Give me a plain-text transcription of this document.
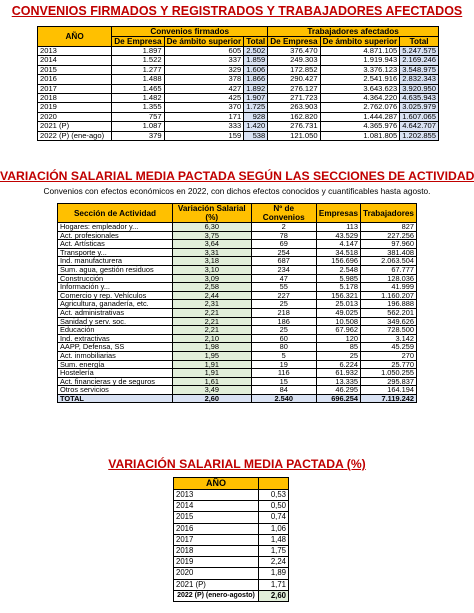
CONVENIOS FIRMADOS Y REGISTRADOS Y TRABAJADORES AFECTADOS
AÑO	Convenios firmados			Trabajadores afectados		
	De Empresa	De ámbito superior	Total	De Empresa	De ámbito superior	Total
2013	1.897	605	2.502	376.470	4.871.105	5.247.575
2014	1.522	337	1.859	249.303	1.919.943	2.169.246
2015	1.277	329	1.606	172.852	3.376.123	3.548.975
2016	1.488	378	1.866	290.427	2.541.916	2.832.343
2017	1.465	427	1.892	276.127	3.643.623	3.920.950
2018	1.482	425	1.907	271.723	4.364.220	4.635.943
2019	1.355	370	1.725	263.903	2.762.076	3.025.979
2020	757	171	928	162.820	1.444.287	1.607.065
2021 (P)	1.087	333	1.420	276.731	4.365.976	4.642.707
2022 (P) (ene-ago)	379	159	538	121.050	1.081.805	1.202.855
VARIACIÓN SALARIAL MEDIA PACTADA SEGÚN LAS SECCIONES DE ACTIVIDAD
Convenios con efectos económicos en 2022, con dichos efectos conocidos y cuantificables hasta agosto.
Sección de Actividad	Variación Salarial (%)	Nº de Convenios	Empresas	Trabajadores
Hogares: empleador y...	6,30	2	113	827
Act. profesionales	3,75	78	43.529	227.256
Act. Artísticas	3,64	69	4.147	97.960
Transporte y...	3,31	254	34.518	381.408
Ind. manufacturera	3,18	687	156.696	2.063.504
Sum. agua, gestión residuos	3,10	234	2.548	67.777
Construcción	3,09	47	5.985	128.036
Información y...	2,58	55	5.178	41.999
Comercio y rep. Vehículos	2,44	227	156.321	1.160.207
Agricultura, ganadería, etc.	2,31	25	25.013	196.888
Act. administrativas	2,21	218	49.025	562.201
Sanidad y serv. soc.	2,21	186	10.508	349.626
Educación	2,21	25	67.962	728.500
Ind. extractivas	2,10	60	120	3.142
AAPP, Defensa, SS	1,98	80	85	45.259
Act. inmobiliarias	1,95	5	25	270
Sum. energía	1,91	19	6.224	25.770
Hostelería	1,91	116	61.932	1.050.255
Act. financieras y de seguros	1,61	15	13.335	295.837
Otros servicios	3,49	84	46.295	164.194
TOTAL	2,60	2.540	696.254	7.119.242
VARIACIÓN SALARIAL MEDIA PACTADA (%)
AÑO	
2013	0,53
2014	0,50
2015	0,74
2016	1,06
2017	1,48
2018	1,75
2019	2,24
2020	1,89
2021 (P)	1,71
2022 (P) (enero-agosto)	2,60
